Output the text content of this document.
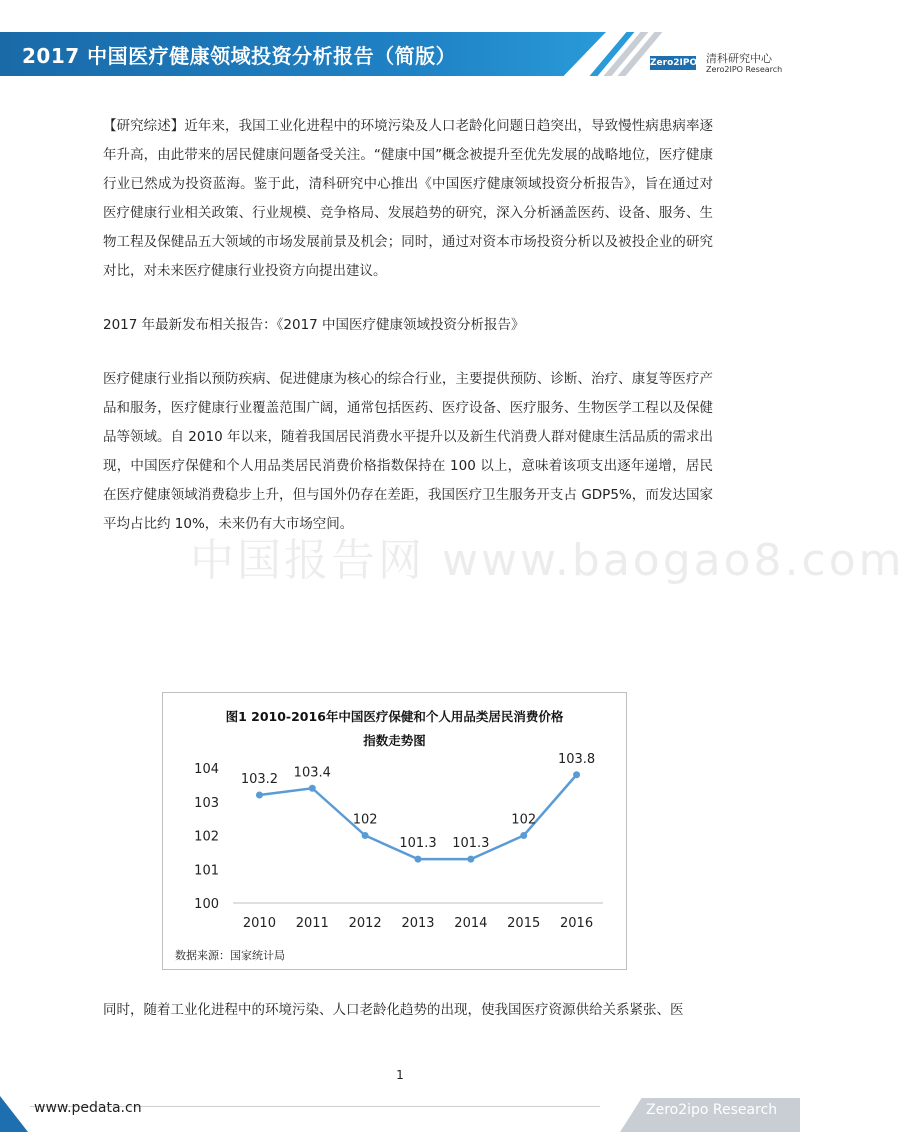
2017 中国医疗健康领域投资分析报告（简版）	Zero2IPO 清科研究中心
Zero2IPO Research
中国报告网 www.baogao8.com

【研究综述】近年来，我国工业化进程中的环境污染及人口老龄化问题日趋突出，导致慢性病患病率逐年升高，由此带来的居民健康问题备受关注。“健康中国”概念被提升至优先发展的战略地位，医疗健康行业已然成为投资蓝海。鉴于此，清科研究中心推出《中国医疗健康领域投资分析报告》，旨在通过对医疗健康行业相关政策、行业规模、竞争格局、发展趋势的研究，深入分析涵盖医药、设备、服务、生物工程及保健品五大领域的市场发展前景及机会；同时，通过对资本市场投资分析以及被投企业的研究对比，对未来医疗健康行业投资方向提出建议。

2017 年最新发布相关报告：《2017 中国医疗健康领域投资分析报告》

医疗健康行业指以预防疾病、促进健康为核心的综合行业，主要提供预防、诊断、治疗、康复等医疗产品和服务，医疗健康行业覆盖范围广阔，通常包括医药、医疗设备、医疗服务、生物医学工程以及保健品等领域。自 2010 年以来，随着我国居民消费水平提升以及新生代消费人群对健康生活品质的需求出现，中国医疗保健和个人用品类居民消费价格指数保持在 100 以上，意味着该项支出逐年递增，居民在医疗健康领域消费稳步上升，但与国外仍存在差距，我国医疗卫生服务开支占 GDP5%，而发达国家平均占比约 10%，未来仍有大市场空间。

图1 2010-2016年中国医疗保健和个人用品类居民消费价格
指数走势图
100
101
102
103
104
2010 2011 2012 2013 2014 2015 2016
103.2 103.4
102
101.3 101.3
102
103.8
数据来源：国家统计局
同时，随着工业化进程中的环境污染、人口老龄化趋势的出现，使我国医疗资源供给关系紧张、医
1
www.pedata.cn	Zero2ipo Research
